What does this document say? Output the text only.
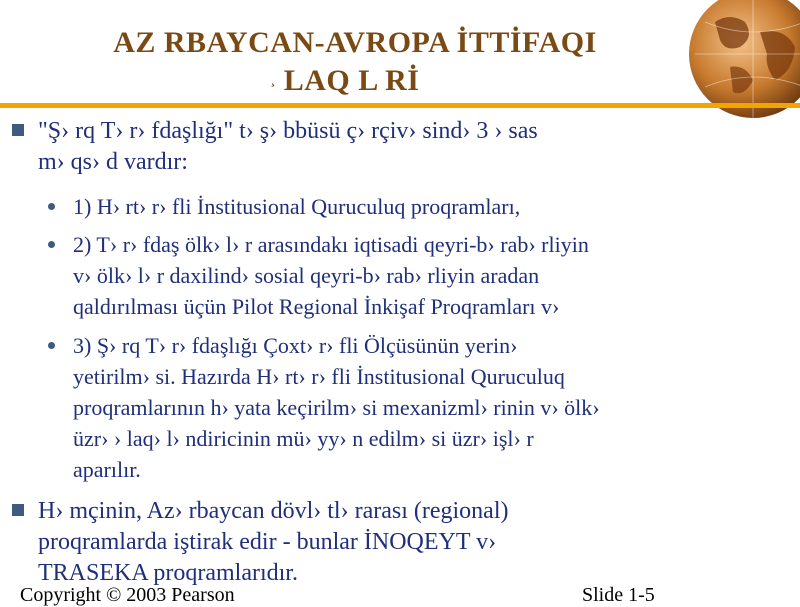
AZ RBAYCAN-AVROPA İTTİFAQI
¸ LAQ L Rİ
"Ş› rq T› r› fdaşlığı" t› ş› bbüsü ç› rçiv› sind› 3 › sas
m› qs› d vardır:
1) H› rt› r› fli İnstitusional Quruculuq proqramları,
2) T› r› fdaş ölk› l› r arasındakı iqtisadi qeyri-b› rab› rliyin
v› ölk› l› r daxilind› sosial qeyri-b› rab› rliyin aradan
qaldırılması üçün Pilot Regional İnkişaf Proqramları v›
3) Ş› rq T› r› fdaşlığı Çoxt› r› fli Ölçüsünün yerin›
yetirilm› si. Hazırda H› rt› r› fli İnstitusional Quruculuq
proqramlarının h› yata keçirilm› si mexanizml› rinin v› ölk›
üzr› › laq› l› ndiricinin mü› yy› n edilm› si üzr› işl› r
aparılır.
H› mçinin, Az› rbaycan dövl› tl› rarası (regional)
proqramlarda iştirak edir - bunlar İNOQEYT v›
TRASEKA proqramlarıdır.
Copyright © 2003 Pearson	Slide 1-5
